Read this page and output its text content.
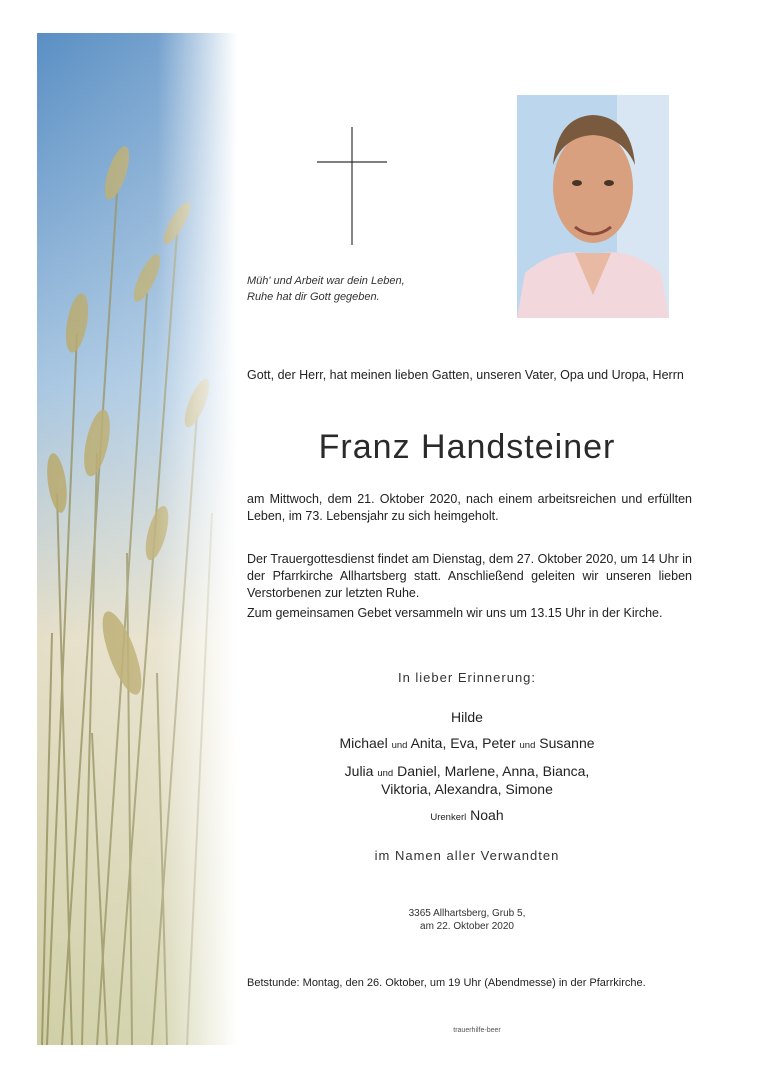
Müh' und Arbeit war dein Leben,
Ruhe hat dir Gott gegeben.

Gott, der Herr, hat meinen lieben Gatten, unseren Vater, Opa und Uropa, Herrn

Franz Handsteiner

am Mittwoch, dem 21. Oktober 2020, nach einem arbeitsreichen und erfüllten Leben, im 73. Lebensjahr zu sich heimgeholt.

Der Trauergottesdienst findet am Dienstag, dem 27. Oktober 2020, um 14 Uhr in der Pfarrkirche Allhartsberg statt. Anschließend geleiten wir unseren lieben Verstorbenen zur letzten Ruhe.

Zum gemeinsamen Gebet versammeln wir uns um 13.15 Uhr in der Kirche.

In lieber Erinnerung:

Hilde

Michael und Anita, Eva, Peter und Susanne

Julia und Daniel, Marlene, Anna, Bianca,

Viktoria, Alexandra, Simone

Urenkerl Noah

im Namen aller Verwandten

3365 Allhartsberg, Grub 5,
am 22. Oktober 2020

Betstunde: Montag, den 26. Oktober, um 19 Uhr (Abendmesse) in der Pfarrkirche.

trauerhilfe-beer
